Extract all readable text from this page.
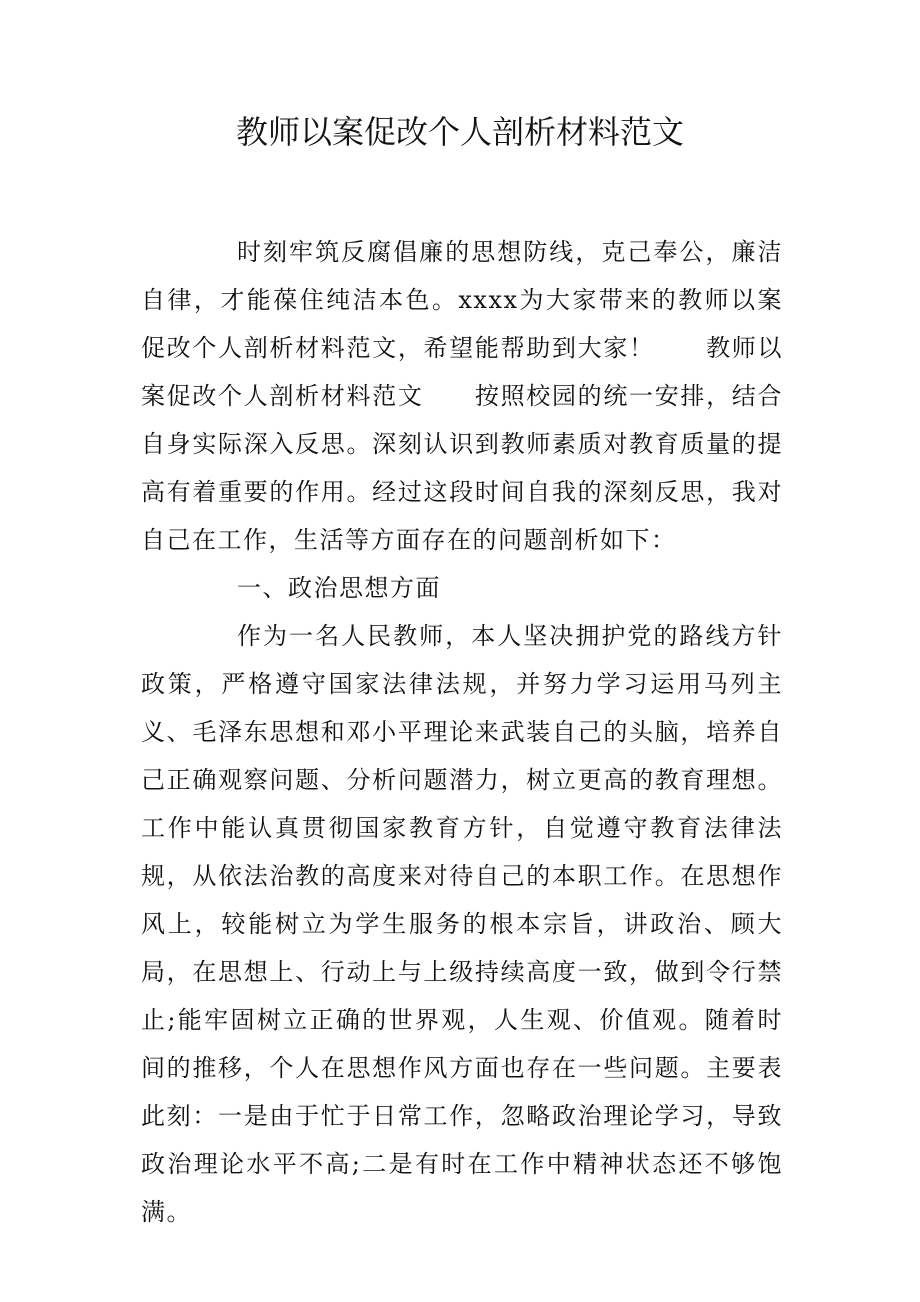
教师以案促改个人剖析材料范文

时刻牢筑反腐倡廉的思想防线，克己奉公，廉洁自律，才能葆住纯洁本色。xxxx为大家带来的教师以案促改个人剖析材料范文，希望能帮助到大家！　　教师以案促改个人剖析材料范文　　按照校园的统一安排，结合自身实际深入反思。深刻认识到教师素质对教育质量的提高有着重要的作用。经过这段时间自我的深刻反思，我对自己在工作，生活等方面存在的问题剖析如下：

一、政治思想方面

作为一名人民教师，本人坚决拥护党的路线方针政策，严格遵守国家法律法规，并努力学习运用马列主义、毛泽东思想和邓小平理论来武装自己的头脑，培养自己正确观察问题、分析问题潜力，树立更高的教育理想。工作中能认真贯彻国家教育方针，自觉遵守教育法律法规，从依法治教的高度来对待自己的本职工作。在思想作风上，较能树立为学生服务的根本宗旨，讲政治、顾大局，在思想上、行动上与上级持续高度一致，做到令行禁止;能牢固树立正确的世界观，人生观、价值观。随着时间的推移，个人在思想作风方面也存在一些问题。主要表此刻：一是由于忙于日常工作，忽略政治理论学习，导致政治理论水平不高;二是有时在工作中精神状态还不够饱满。
